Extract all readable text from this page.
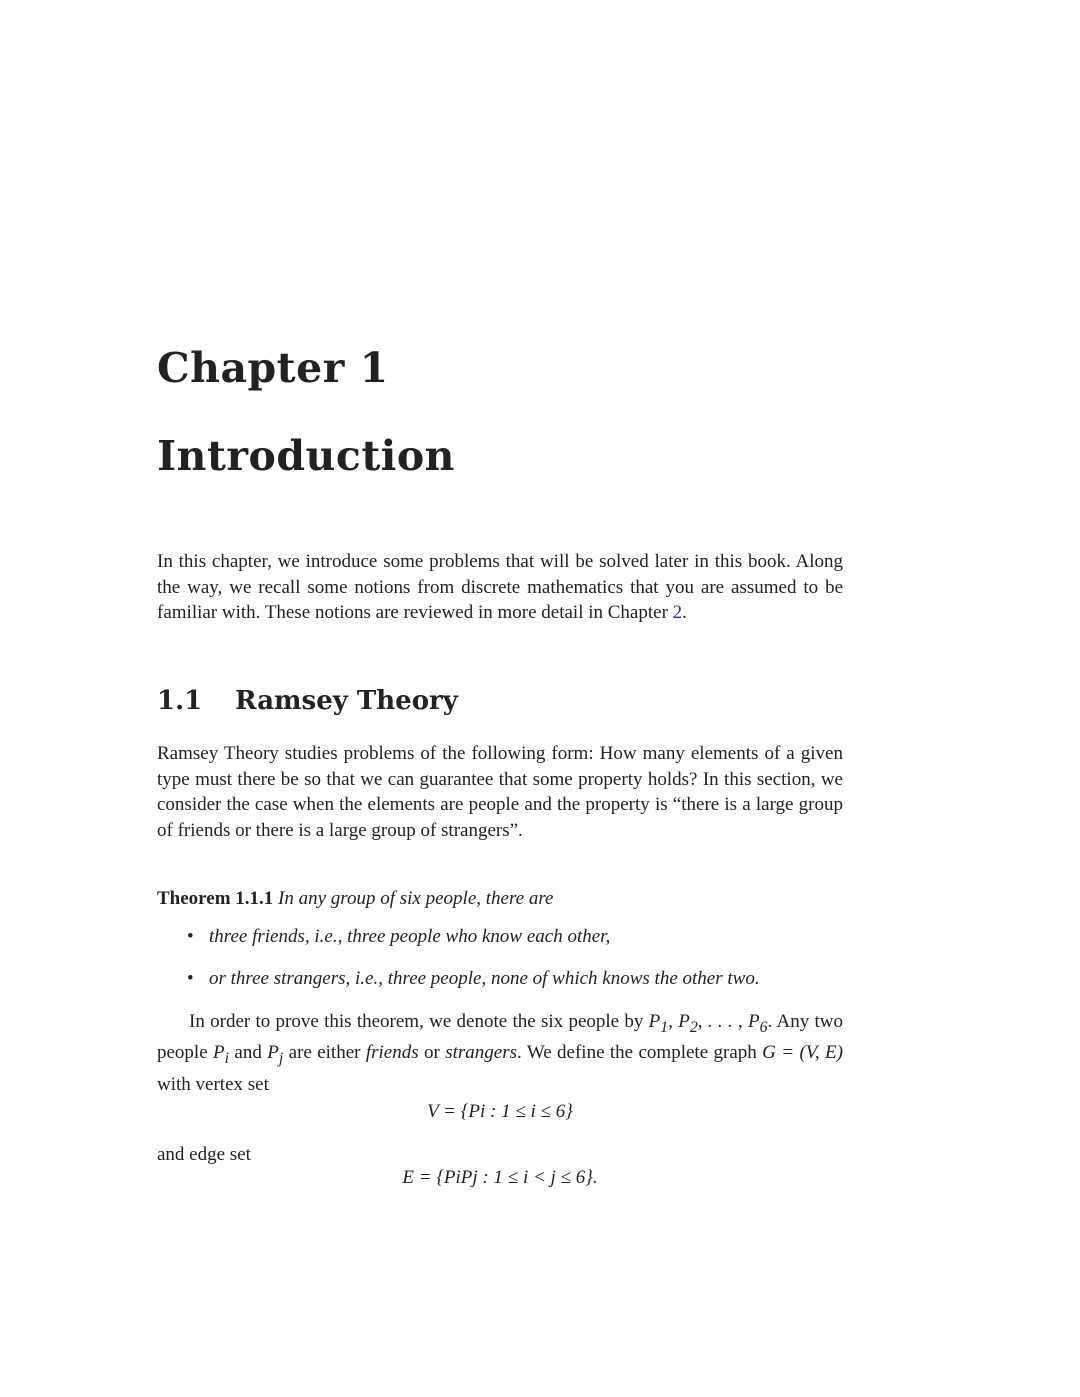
Chapter 1
Introduction

In this chapter, we introduce some problems that will be solved later in this book. Along the way, we recall some notions from discrete mathematics that you are assumed to be familiar with. These notions are reviewed in more detail in Chapter 2.

1.1 Ramsey Theory

Ramsey Theory studies problems of the following form: How many elements of a given type must there be so that we can guarantee that some property holds? In this section, we consider the case when the elements are people and the property is “there is a large group of friends or there is a large group of strangers”.

Theorem 1.1.1 In any group of six people, there are

• three friends, i.e., three people who know each other,
• or three strangers, i.e., three people, none of which knows the other two.

In order to prove this theorem, we denote the six people by $P_1$, $P_2$, . . . , $P_6$. Any two people $P_i$ and $P_j$ are either friends or strangers. We define the complete graph G = (V, E) with vertex set

V = {Pi : 1 ≤ i ≤ 6}

and edge set

E = {PiPj : 1 ≤ i < j ≤ 6}.
